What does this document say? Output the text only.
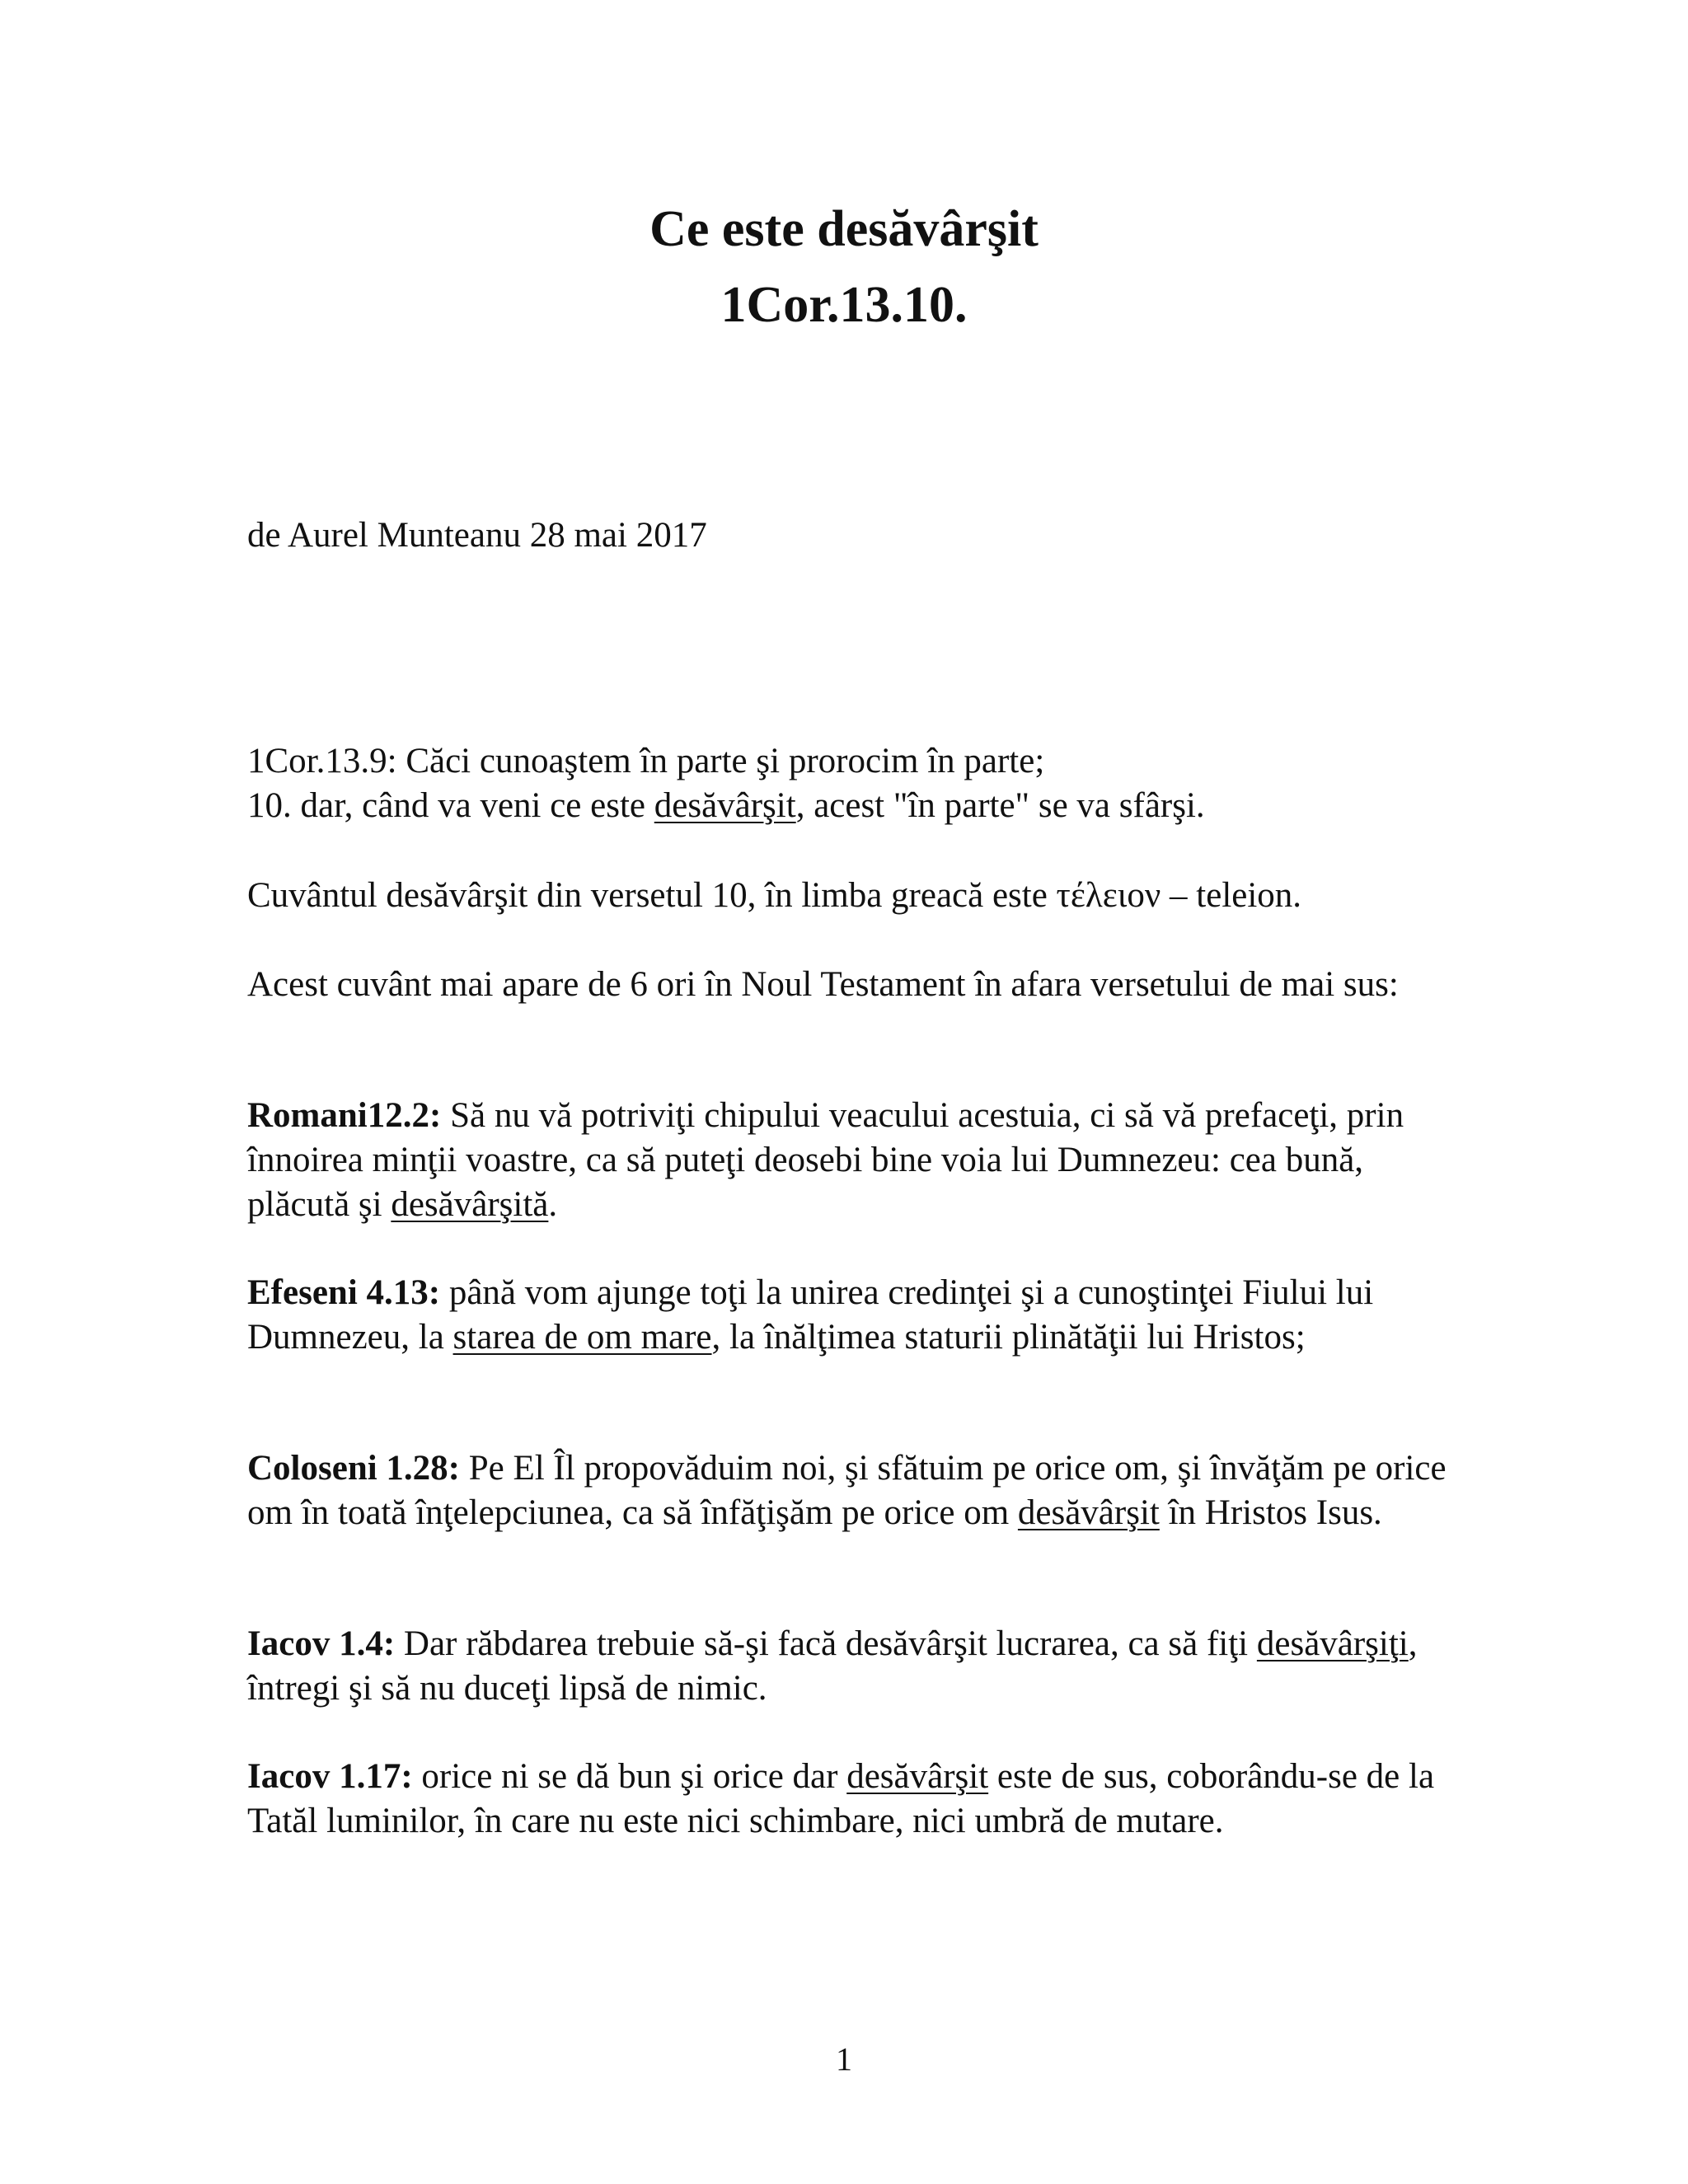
Ce este desăvârşit
1Cor.13.10.

de Aurel Munteanu 28 mai 2017

1Cor.13.9: Căci cunoaştem în parte şi prorocim în parte;
10. dar, când va veni ce este desăvârşit, acest "în parte" se va sfârşi.

Cuvântul desăvârşit din versetul 10, în limba greacă este τέλειον – teleion.

Acest cuvânt mai apare de 6 ori în Noul Testament în afara versetului de mai sus:

Romani12.2: Să nu vă potriviţi chipului veacului acestuia, ci să vă prefaceţi, prin înnoirea minţii voastre, ca să puteţi deosebi bine voia lui Dumnezeu: cea bună, plăcută şi desăvârşită.

Efeseni 4.13: până vom ajunge toţi la unirea credinţei şi a cunoştinţei Fiului lui Dumnezeu, la starea de om mare, la înălţimea staturii plinătăţii lui Hristos;

Coloseni 1.28: Pe El Îl propovăduim noi, şi sfătuim pe orice om, şi învăţăm pe orice om în toată înţelepciunea, ca să înfăţişăm pe orice om desăvârşit în Hristos Isus.

Iacov 1.4: Dar răbdarea trebuie să-şi facă desăvârşit lucrarea, ca să fiţi desăvârşiţi, întregi şi să nu duceţi lipsă de nimic.

Iacov 1.17: orice ni se dă bun şi orice dar desăvârşit este de sus, coborându-se de la Tatăl luminilor, în care nu este nici schimbare, nici umbră de mutare.

1
